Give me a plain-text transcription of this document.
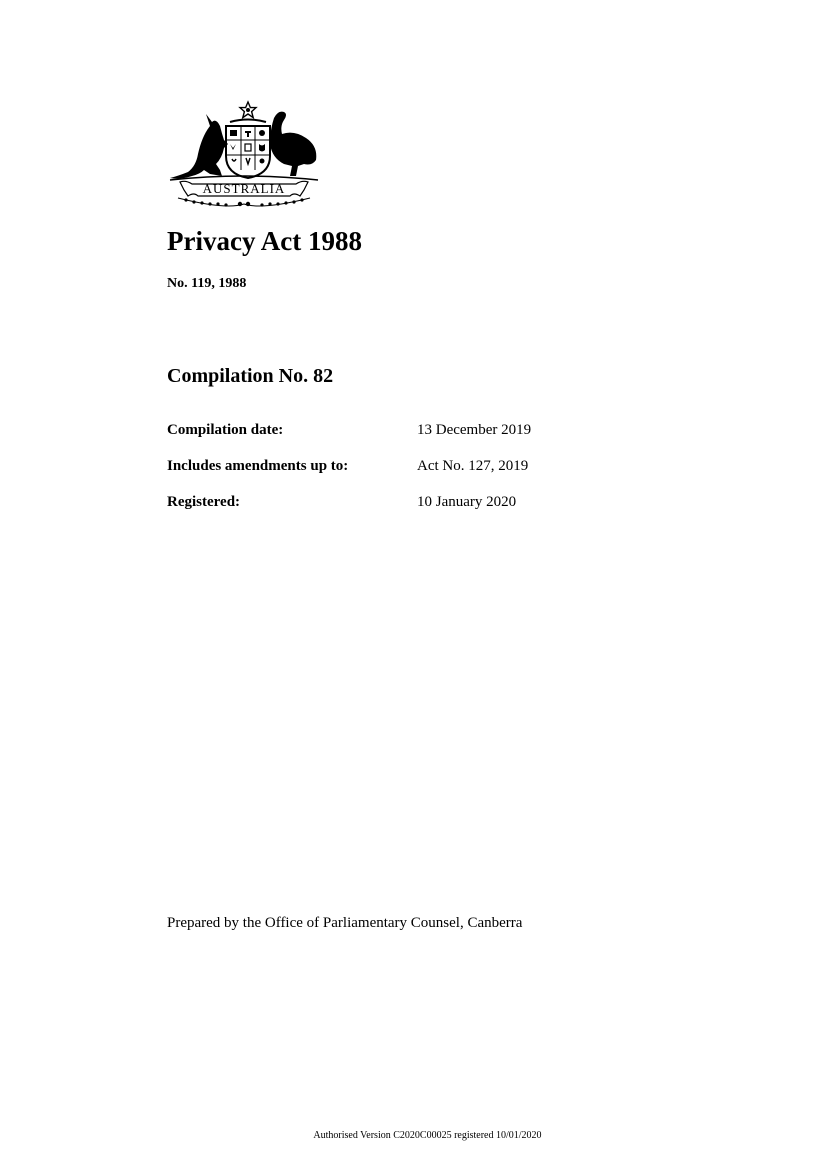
AUSTRALIA
Privacy Act 1988
No. 119, 1988
Compilation No. 82
Compilation date:	13 December 2019
Includes amendments up to:	Act No. 127, 2019
Registered:	10 January 2020
Prepared by the Office of Parliamentary Counsel, Canberra
Authorised Version C2020C00025 registered 10/01/2020
